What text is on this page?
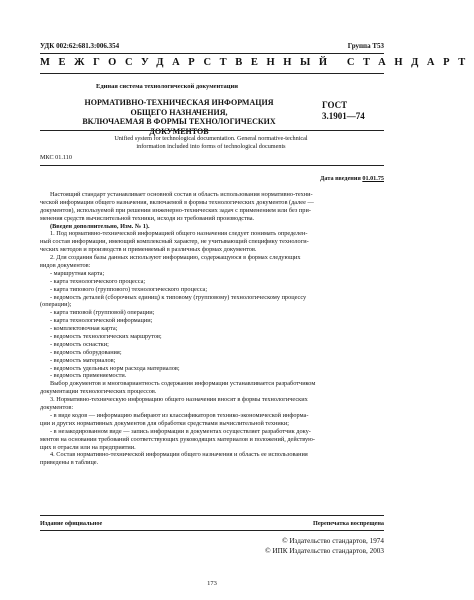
УДК 002:62:681.3:006.354	Группа Т53
МЕЖГОСУДАРСТВЕННЫЙ СТАНДАРТ
Единая система технологической документации
НОРМАТИВНО-ТЕХНИЧЕСКАЯ ИНФОРМАЦИЯ
ОБЩЕГО НАЗНАЧЕНИЯ,
ВКЛЮЧАЕМАЯ В ФОРМЫ ТЕХНОЛОГИЧЕСКИХ ДОКУМЕНТОВ
ГОСТ
3.1901—74
Unified system for technological documentation. General normative-technical
information included into forms of technological documents
МКС 01.110
Дата введения 01.01.75
Настоящий стандарт устанавливает основной состав и область использования нормативно-техни-
ческой информации общего назначения, включаемой в формы технологических документов (далее —
документов), используемой при решении инженерно-технических задач с применением или без при-
менения средств вычислительной техники, исходя из требований производства.
(Введен дополнительно, Изм. № 1).
1. Под нормативно-технической информацией общего назначения следует понимать определен-
ный состав информации, имеющий комплексный характер, не учитывающий специфику технологи-
ческих методов и производств и применяемый в различных формах документов.
2. Для создания базы данных используют информацию, содержащуюся в формах следующих
видов документов:
- маршрутная карта;
- карта технологического процесса;
- карта типового (группового) технологического процесса;
- ведомость деталей (сборочных единиц) к типовому (групповому) технологическому процессу
(операции);
- карта типовой (групповой) операции;
- карта технологической информации;
- комплектовочная карта;
- ведомость технологических маршрутов;
- ведомость оснастки;
- ведомость оборудования;
- ведомость материалов;
- ведомость удельных норм расхода материалов;
- ведомость применяемости.
Выбор документов и многовариантность содержания информации устанавливается разработчиком
документации технологических процессов.
3. Нормативно-техническую информацию общего назначения вносят в формы технологических
документов:
- в виде кодов — информацию выбирают из классификаторов технико-экономической информа-
ции и других нормативных документов для обработки средствами вычислительной техники;
- в незакодированном виде — запись информации в документах осуществляет разработчик доку-
ментов на основании требований соответствующих руководящих материалов и положений, действую-
щих в отрасли или на предприятии.
4. Состав нормативно-технической информации общего назначения и область ее использования
приведены в таблице.
Издание официальное	Перепечатка воспрещена
© Издательство стандартов, 1974
© ИПК Издательство стандартов, 2003
173
